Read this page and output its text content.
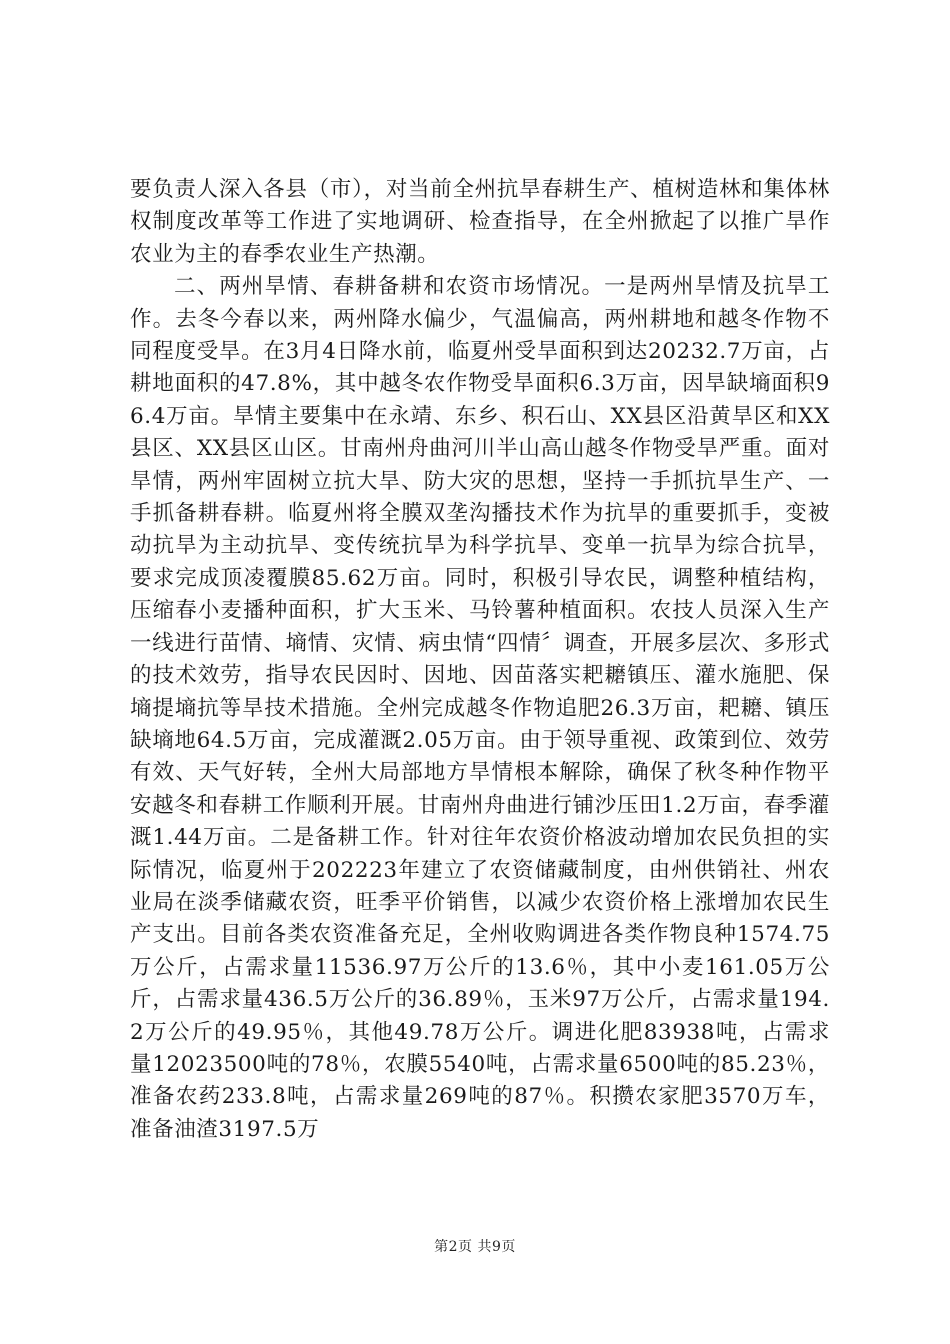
要负责人深入各县（市），对当前全州抗旱春耕生产、植树造林和集体林权制度改革等工作进了实地调研、检查指导，在全州掀起了以推广旱作农业为主的春季农业生产热潮。

二、两州旱情、春耕备耕和农资市场情况。一是两州旱情及抗旱工作。去冬今春以来，两州降水偏少，气温偏高，两州耕地和越冬作物不同程度受旱。在3月4日降水前，临夏州受旱面积到达20232.7万亩，占耕地面积的47.8%，其中越冬农作物受旱面积6.3万亩，因旱缺墒面积96.4万亩。旱情主要集中在永靖、东乡、积石山、XX县区沿黄旱区和XX县区、XX县区山区。甘南州舟曲河川半山高山越冬作物受旱严重。面对旱情，两州牢固树立抗大旱、防大灾的思想，坚持一手抓抗旱生产、一手抓备耕春耕。临夏州将全膜双垄沟播技术作为抗旱的重要抓手，变被动抗旱为主动抗旱、变传统抗旱为科学抗旱、变单一抗旱为综合抗旱，要求完成顶凌覆膜85.62万亩。同时，积极引导农民，调整种植结构，压缩春小麦播种面积，扩大玉米、马铃薯种植面积。农技人员深入生产一线进行苗情、墒情、灾情、病虫情“四情〞调查，开展多层次、多形式的技术效劳，指导农民因时、因地、因苗落实耙耱镇压、灌水施肥、保墒提墒抗等旱技术措施。全州完成越冬作物追肥26.3万亩，耙耱、镇压缺墒地64.5万亩，完成灌溉2.05万亩。由于领导重视、政策到位、效劳有效、天气好转，全州大局部地方旱情根本解除，确保了秋冬种作物平安越冬和春耕工作顺利开展。甘南州舟曲进行铺沙压田1.2万亩，春季灌溉1.44万亩。二是备耕工作。针对往年农资价格波动增加农民负担的实际情况，临夏州于202223年建立了农资储藏制度，由州供销社、州农业局在淡季储藏农资，旺季平价销售，以减少农资价格上涨增加农民生产支出。目前各类农资准备充足，全州收购调进各类作物良种1574.75万公斤，占需求量11536.97万公斤的13.6％，其中小麦161.05万公斤，占需求量436.5万公斤的36.89％，玉米97万公斤，占需求量194.2万公斤的49.95％，其他49.78万公斤。调进化肥83938吨，占需求量12023500吨的78％，农膜5540吨，占需求量6500吨的85.23％，准备农药233.8吨，占需求量269吨的87％。积攒农家肥3570万车，准备油渣3197.5万

第2页 共9页
